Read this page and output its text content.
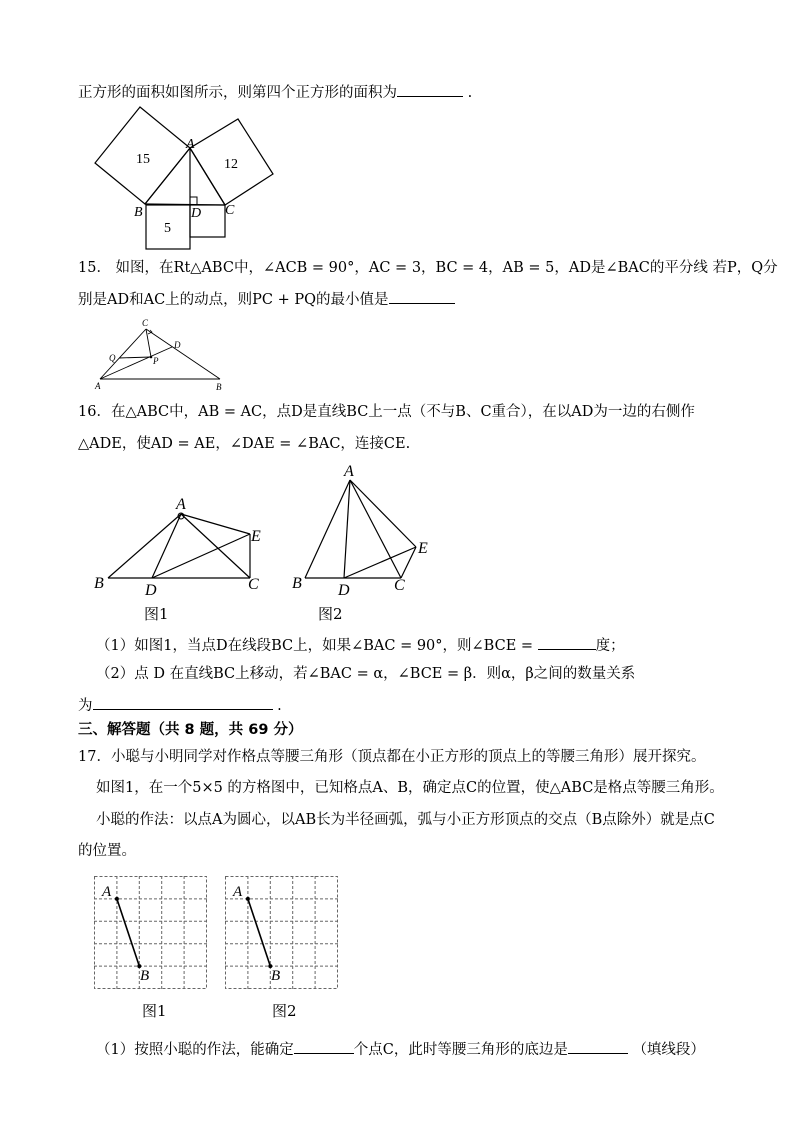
正方形的面积如图所示，则第四个正方形的面积为	.
15	12
5
A
B	C
D
15． 如图，在Rt△ABC中，∠ACB = 90°，AC = 3，BC = 4，AB = 5，AD是∠BAC的平分线 若P，Q分
别是AD和AC上的动点，则PC + PQ的最小值是
C
D
Q	P
A	B
16．在△ABC中，AB = AC，点D是直线BC上一点（不与B、C重合），在以AD为一边的右侧作
△ADE，使AD = AE，∠DAE = ∠BAC，连接CE.
A
B	D	C
E
图1
A
B D	C
E
图2
（1）如图1，当点D在线段BC上，如果∠BAC = 90°，则∠BCE =	度；
（2）点 D 在直线BC上移动，若∠BAC = α，∠BCE = β．则α，β之间的数量关系
为	.
三、解答题（共 8 题，共 69 分）
17．小聪与小明同学对作格点等腰三角形（顶点都在小正方形的顶点上的等腰三角形）展开探究。
如图1，在一个5×5 的方格图中，已知格点A、B，确定点C的位置，使△ABC是格点等腰三角形。
小聪的作法：以点A为圆心，以AB长为半径画弧，弧与小正方形顶点的交点（B点除外）就是点C
的位置。
A
B
图1
A
B
图2
（1）按照小聪的作法，能确定	个点C，此时等腰三角形的底边是	（填线段）
